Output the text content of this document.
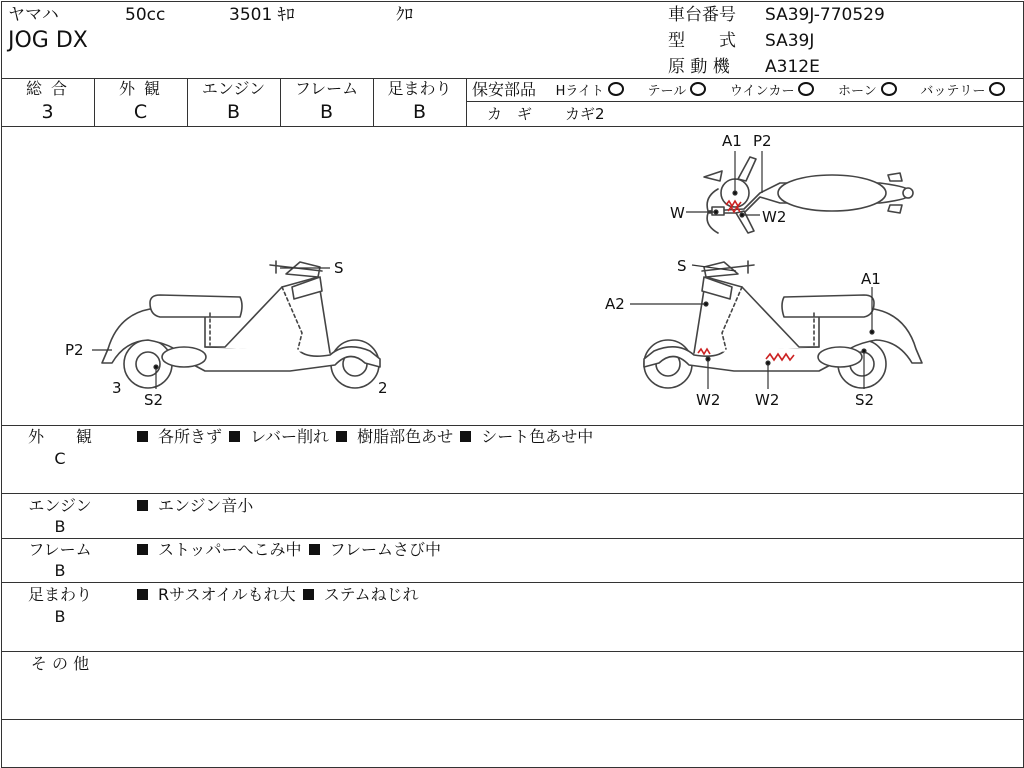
ヤマハ	50cc	3501 ｷﾛ	ｸﾛ
JOG DX
車台番号 SA39J-770529
型　　式 SA39J
原 動 機 A312E
総 合
3
外 観
C
エンジン
B
フレーム
B
足まわり
B
保安部品 Hライト	テール	ウインカー	ホーン	バッテリー
カ　ギ カギ2
S
P2
3
S2
2
A1 P2
W	W2
S
A2
A1
W2 W2	S2
外　　観
C
各所きず レバー削れ 樹脂部色あせ シート色あせ中
エンジン
B
エンジン音小
フレーム
B
ストッパーへこみ中 フレームさび中
足まわり
B
Rサスオイルもれ大 ステムねじれ
そ の 他
